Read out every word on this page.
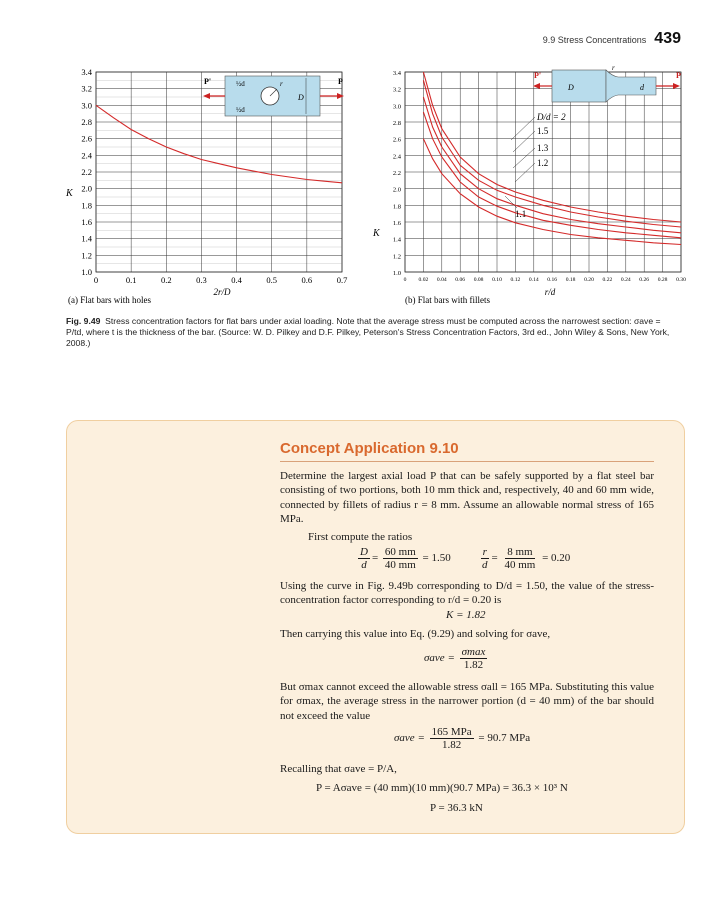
9.9 Stress Concentrations 439
1.0
1.2
1.4
1.6
1.8
2.0
2.2
2.4
2.6
2.8
3.0
3.2
3.4
0	0.1	0.2	0.3	0.4	0.5	0.6	0.7
K
2r/D
(a) Flat bars with holes
P'	P
½d
½d
r
D
1.0
1.2
1.4
1.6
1.8
2.0
2.2
2.4
2.6
2.8
3.0
3.2
3.4
0 0.02 0.04 0.06 0.08 0.10 0.12 0.14 0.16 0.18 0.20 0.22 0.24 0.26 0.28 0.30
K
r/d
(b) Flat bars with fillets
D/d = 2
1.5
1.3
1.2
1.1
P'	P
D	d
r
Fig. 9.49 Stress concentration factors for flat bars under axial loading. Note that the average stress must be computed across the narrowest section: σave = P/td, where t is the thickness of the bar. (Source: W. D. Pilkey and D.F. Pilkey, Peterson's Stress Concentration Factors, 3rd ed., John Wiley & Sons, New York, 2008.)
Concept Application 9.10
Determine the largest axial load P that can be safely supported by a flat steel bar consisting of two portions, both 10 mm thick and, respectively, 40 and 60 mm wide, connected by fillets of radius r = 8 mm. Assume an allowable normal stress of 165 MPa.
First compute the ratios
$\frac{D}{d} = \frac{60 mm}{40 mm} = 1.50$	$\frac{r}{d} = \frac{8 mm}{40 mm} = 0.20$
Using the curve in Fig. 9.49b corresponding to D/d = 1.50, the value of the stress-concentration factor corresponding to r/d = 0.20 is
K = 1.82
Then carrying this value into Eq. (9.29) and solving for σave,
$\sigma ave = \frac{\sigma\max}{1.82}$
But σmax cannot exceed the allowable stress σall = 165 MPa. Substituting this value for σmax, the average stress in the narrower portion (d = 40 mm) of the bar should not exceed the value
$\sigma ave = \frac{\text{165 MPa}}{1.82} = 90.7$ MPa
Recalling that σave = P/A,
P = Aσave = (40 mm)(10 mm)(90.7 MPa) = 36.3 × 10³ N
P = 36.3 kN
